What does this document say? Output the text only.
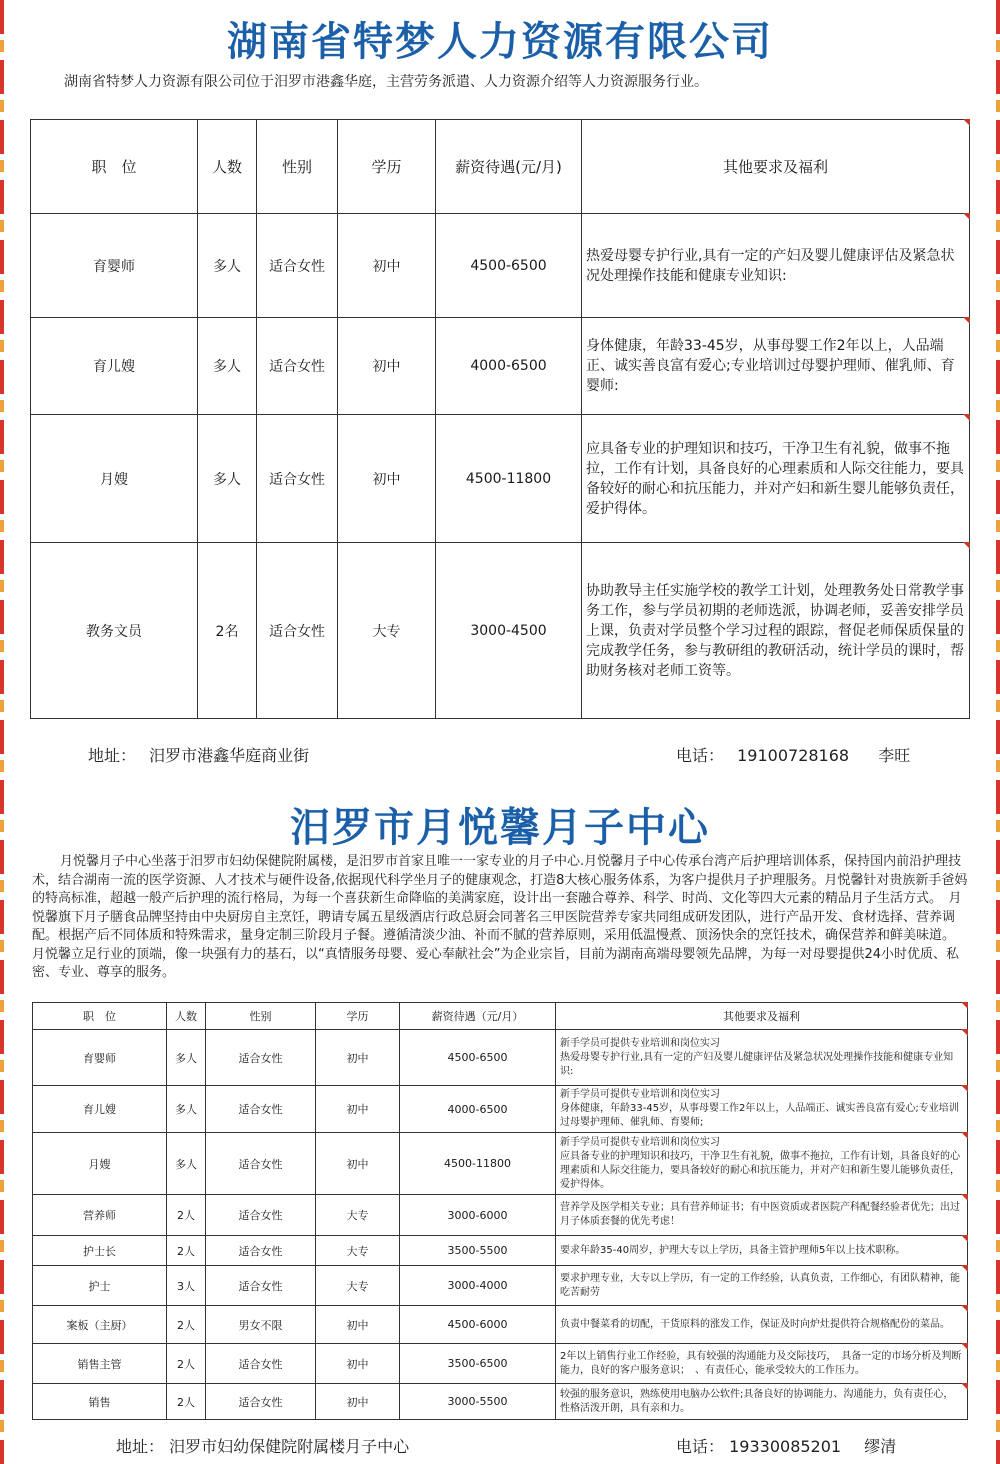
湖南省特梦人力资源有限公司
湖南省特梦人力资源有限公司位于汨罗市港鑫华庭，主营劳务派遣、人力资源介绍等人力资源服务行业。
职　位	人数	性别	学历	薪资待遇(元/月)	其他要求及福利
育婴师	多人	适合女性	初中	4500-6500	热爱母婴专护行业,具有一定的产妇及婴儿健康评估及紧急状况处理操作技能和健康专业知识:
育儿嫂	多人	适合女性	初中	4000-6500	身体健康，年龄33-45岁，从事母婴工作2年以上，人品端正、诚实善良富有爱心;专业培训过母婴护理师、催乳师、育婴师:
月嫂	多人	适合女性	初中	4500-11800	应具备专业的护理知识和技巧，干净卫生有礼貌，做事不拖拉，工作有计划，具备良好的心理素质和人际交往能力，要具备较好的耐心和抗压能力，并对产妇和新生婴儿能够负责任，爱护得体。
教务文员	2名	适合女性	大专	3000-4500	协助教导主任实施学校的教学工计划，处理教务处日常教学事务工作，参与学员初期的老师选派，协调老师，妥善安排学员上课，负责对学员整个学习过程的跟踪，督促老师保质保量的完成教学任务，参与教研组的教研活动，统计学员的课时，帮助财务核对老师工资等。
地址： 汨罗市港鑫华庭商业街	电话： 19100728168 李旺
汨罗市月悦馨月子中心
月悦馨月子中心坐落于汨罗市妇幼保健院附属楼，是汨罗市首家且唯一一家专业的月子中心.月悦馨月子中心传承台湾产后护理培训体系，保持国内前沿护理技术，结合湖南一流的医学资源、人才技术与硬件设备,依据现代科学坐月子的健康观念，打造8大核心服务体系，为客户提供月子护理服务。月悦馨针对贵族新手爸妈的特高标准，超越一般产后护理的流行格局，为每一个喜获新生命降临的美满家庭，设计出一套融合尊养、科学、时尚、文化等四大元素的精品月子生活方式。　月悦馨旗下月子膳食品牌坚持由中央厨房自主烹饪，聘请专属五星级酒店行政总厨会同著名三甲医院营养专家共同组成研发团队，进行产品开发、食材选择、营养调配。根据产后不同体质和特殊需求，量身定制三阶段月子餐。遵循清淡少油、补而不腻的营养原则，采用低温慢煮、顶汤快余的烹饪技术，确保营养和鲜美味道。　月悦馨立足行业的顶端，像一块强有力的基石，以“真情服务母婴、爱心奉献社会”为企业宗旨，目前为湖南高端母婴领先品牌，为每一对母婴提供24小时优质、私密、专业、尊享的服务。
职　位	人数	性别	学历	薪资待遇（元/月）	其他要求及福利
育婴师	多人	适合女性	初中	4500-6500	新手学员可提供专业培训和岗位实习
热爱母婴专护行业,具有一定的产妇及婴儿健康评估及紧急状况处理操作技能和健康专业知识:
育儿嫂	多人	适合女性	初中	4000-6500	新手学员可提供专业培训和岗位实习
身体健康，年龄33-45岁，从事母婴工作2年以上，人品端正、诚实善良富有爱心;专业培训过母婴护理师、催乳师、育婴师;
月嫂	多人	适合女性	初中	4500-11800	新手学员可提供专业培训和岗位实习
应具备专业的护理知识和技巧，干净卫生有礼貌，做事不拖拉，工作有计划，具备良好的心理素质和人际交往能力，要具备较好的耐心和抗压能力，并对产妇和新生婴儿能够负责任，爱护得体。
营养师	2人	适合女性	大专	3000-6000	营养学及医学相关专业；具有营养师证书；有中医资质或者医院产科配餐经验者优先；出过月子体质套餐的优先考虑！
护士长	2人	适合女性	大专	3500-5500	要求年龄35-40周岁，护理大专以上学历，具备主管护理师5年以上技术职称。
护士	3人	适合女性	大专	3000-4000	要求护理专业，大专以上学历，有一定的工作经验，认真负责，工作细心，有团队精神，能吃苦耐劳
案板（主厨）	2人	男女不限	初中	4500-6000	负责中餐菜肴的切配，干货原料的涨发工作，保证及时向炉灶提供符合规格配份的菜品。
销售主管	2人	适合女性	初中	3500-6500	2年以上销售行业工作经验，具有较强的沟通能力及交际技巧，　具备一定的市场分析及判断能力，良好的客户服务意识；　、有责任心，能承受较大的工作压力。
销售	2人	适合女性	初中	3000-5500	较强的服务意识，熟练使用电脑办公软件;具备良好的协调能力、沟通能力，负有责任心，性格活泼开朗，具有亲和力。
地址： 汨罗市妇幼保健院附属楼月子中心	电话： 19330085201 缪清
